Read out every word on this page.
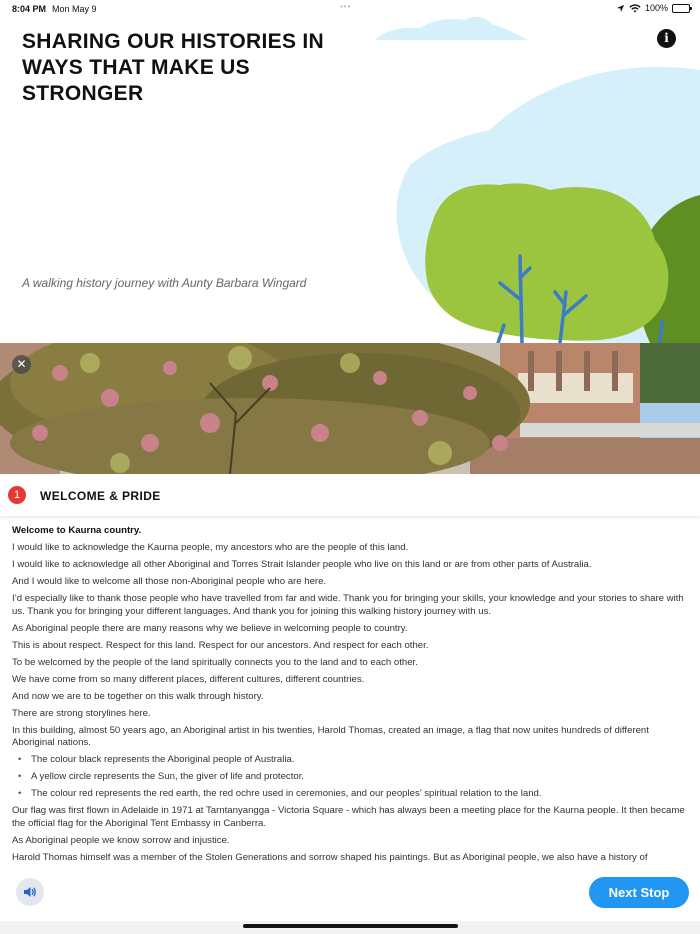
8:04 PM Mon May 9	•••	100%
SHARING OUR HISTORIES IN WAYS THAT MAKE US STRONGER

A walking history journey with Aunty Barbara Wingard

i
✕
1	WELCOME & PRIDE

Welcome to Kaurna country.

I would like to acknowledge the Kaurna people, my ancestors who are the people of this land.

I would like to acknowledge all other Aboriginal and Torres Strait Islander people who live on this land or are from other parts of Australia.

And I would like to welcome all those non-Aboriginal people who are here.

I’d especially like to thank those people who have travelled from far and wide. Thank you for bringing your skills, your knowledge and your stories to share with us. Thank you for bringing your different languages. And thank you for joining this walking history journey with us.

As Aboriginal people there are many reasons why we believe in welcoming people to country.

This is about respect. Respect for this land. Respect for our ancestors. And respect for each other.

To be welcomed by the people of the land spiritually connects you to the land and to each other.

We have come from so many different places, different cultures, different countries.

And now we are to be together on this walk through history.

There are strong storylines here.

In this building, almost 50 years ago, an Aboriginal artist in his twenties, Harold Thomas, created an image, a flag that now unites hundreds of different Aboriginal nations.

• The colour black represents the Aboriginal people of Australia.
• A yellow circle represents the Sun, the giver of life and protector.
• The colour red represents the red earth, the red ochre used in ceremonies, and our peoples’ spiritual relation to the land.

Our flag was first flown in Adelaide in 1971 at Tarntanyangga - Victoria Square - which has always been a meeting place for the Kaurna people. It then became the official flag for the Aboriginal Tent Embassy in Canberra.

As Aboriginal people we know sorrow and injustice.

Harold Thomas himself was a member of the Stolen Generations and sorrow shaped his paintings. But as Aboriginal people, we also have a history of

Next Stop
